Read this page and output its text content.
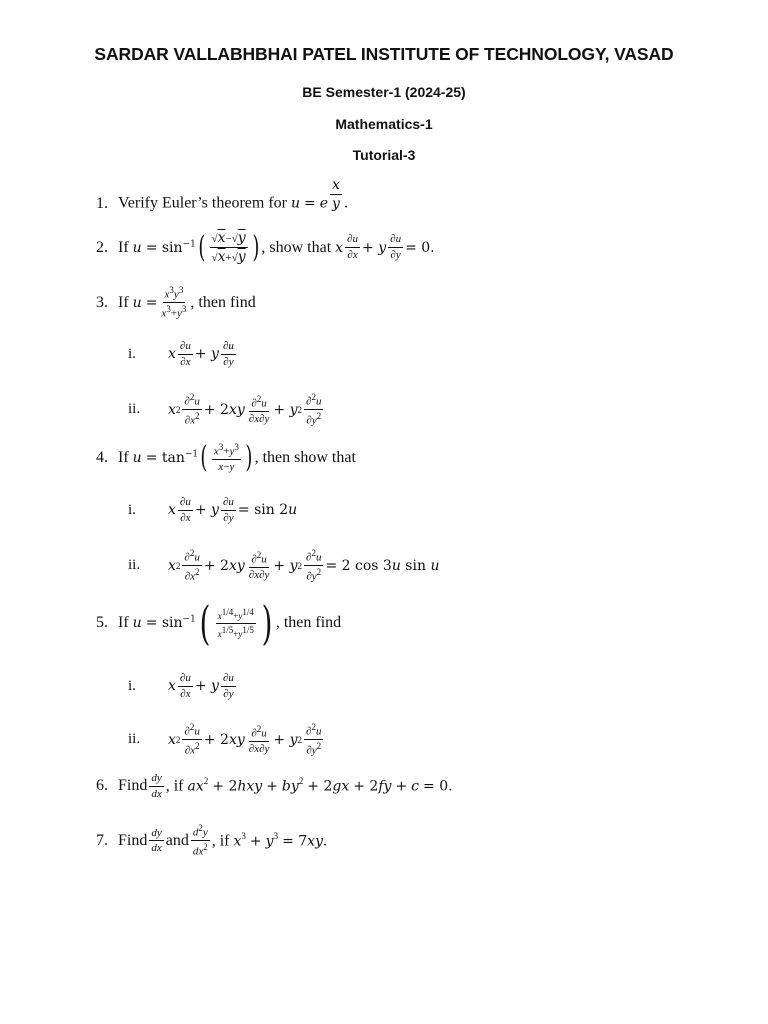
SARDAR VALLABHBHAI PATEL INSTITUTE OF TECHNOLOGY, VASAD
BE Semester-1 (2024-25)
Mathematics-1
Tutorial-3
1. Verify Euler’s theorem for u = e $\frac{x}{y}$ .
2. If $u = \sin^{-1}$ ( $\frac{√x-√y}{√x+√y}$ ) , show that x $\frac{\partial u}{\partial x} + y \frac{\partial u}{\partial y} = 0$.
3. If $u = \frac{x^3y^3}{x^3+y^3}$ , then find
i.	x $\frac{\partial u}{\partial x} + y \frac{\partial u}{\partial y}$
ii.	x $2 \frac{\partial^2u}{\partial x^2} + 2$ xy $\frac{\partial^2u}{\partial x\partial y} + y$ $2 \frac{\partial^2u}{\partial y^2}$
4. If $u = \tan^{-1}$ ( $\frac{x^3+y^3}{x-y}$ ) , then show that
i.	x $\frac{\partial u}{\partial x} + y \frac{\partial u}{\partial y} = \sin 2$ u
ii.	x $2 \frac{\partial^2u}{\partial x^2} + 2$ xy $\frac{\partial^2u}{\partial x\partial y} + y$ $2 \frac{\partial^2u}{\partial y^2} = 2$ cos 3 u sin u
5. If $u = \sin^{-1}$ ( $\frac{x^{1/4}+y^{1/4}}{x^{1/5}+y^{1/5}}$ ) , then find
i.	x $\frac{\partial u}{\partial x} + y \frac{\partial u}{\partial y}$
ii.	x $2 \frac{\partial^2u}{\partial x^2} + 2$ xy $\frac{\partial^2u}{\partial x\partial y} + y$ $2 \frac{\partial^2u}{\partial y^2}$
6. Find $\frac{dy}{dx}$ , if $ax^2 + 2hxy + by^2 + 2gx + 2fy + c = 0$.
7. Find $\frac{dy}{dx}$ and $\frac{d^2y}{dx^2}$ , if $x^3 + y^3 = 7xy$.
